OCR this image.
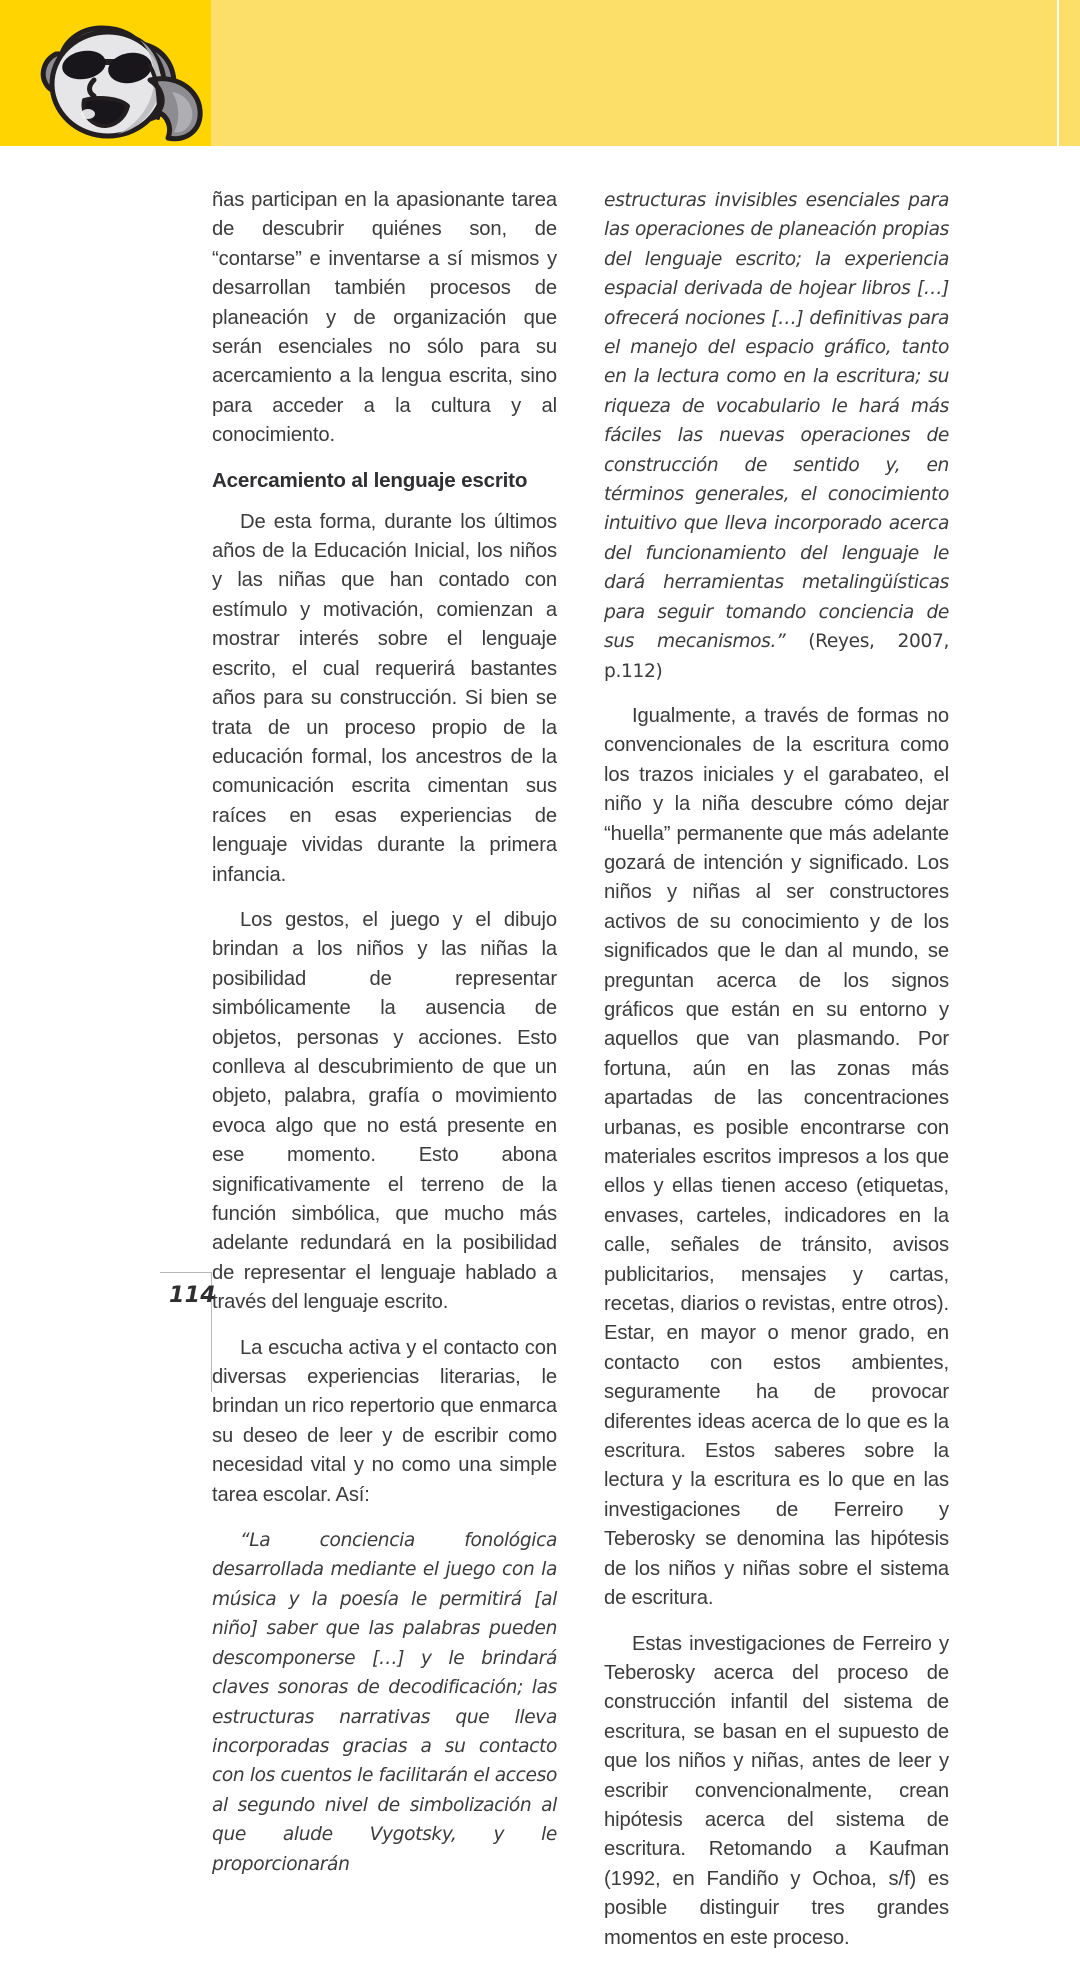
ñas participan en la apasionante tarea de descubrir quiénes son, de “contarse” e inventarse a sí mismos y desarrollan también procesos de planeación y de organización que serán esenciales no sólo para su acercamiento a la lengua escrita, sino para acceder a la cultura y al conocimiento.

Acercamiento al lenguaje escrito

De esta forma, durante los últimos años de la Educación Inicial, los niños y las niñas que han contado con estímulo y motivación, comienzan a mostrar interés sobre el lenguaje escrito, el cual requerirá bastantes años para su construcción. Si bien se trata de un proceso propio de la educación formal, los ancestros de la comunicación escrita cimentan sus raíces en esas experiencias de lenguaje vividas durante la primera infancia.

Los gestos, el juego y el dibujo brindan a los niños y las niñas la posibilidad de representar simbólicamente la ausencia de objetos, personas y acciones. Esto conlleva al descubrimiento de que un objeto, palabra, grafía o movimiento evoca algo que no está presente en ese momento. Esto abona significativamente el terreno de la función simbólica, que mucho más adelante redundará en la posibilidad de representar el lenguaje hablado a través del lenguaje escrito.

La escucha activa y el contacto con diversas experiencias literarias, le brindan un rico repertorio que enmarca su deseo de leer y de escribir como necesidad vital y no como una simple tarea escolar. Así:

“La conciencia fonológica desarrollada mediante el juego con la música y la poesía le permitirá [al niño] saber que las palabras pueden descomponerse […] y le brindará claves sonoras de decodificación; las estructuras narrativas que lleva incorporadas gracias a su contacto con los cuentos le facilitarán el acceso al segundo nivel de simbolización al que alude Vygotsky, y le proporcionarán

estructuras invisibles esenciales para las operaciones de planeación propias del lenguaje escrito; la experiencia espacial derivada de hojear libros […] ofrecerá nociones […] definitivas para el manejo del espacio gráfico, tanto en la lectura como en la escritura; su riqueza de vocabulario le hará más fáciles las nuevas operaciones de construcción de sentido y, en términos generales, el conocimiento intuitivo que lleva incorporado acerca del funcionamiento del lenguaje le dará herramientas metalingüísticas para seguir tomando conciencia de sus mecanismos.” (Reyes, 2007, p.112)

Igualmente, a través de formas no convencionales de la escritura como los trazos iniciales y el garabateo, el niño y la niña descubre cómo dejar “huella” permanente que más adelante gozará de intención y significado. Los niños y niñas al ser constructores activos de su conocimiento y de los significados que le dan al mundo, se preguntan acerca de los signos gráficos que están en su entorno y aquellos que van plasmando. Por fortuna, aún en las zonas más apartadas de las concentraciones urbanas, es posible encontrarse con materiales escritos impresos a los que ellos y ellas tienen acceso (etiquetas, envases, carteles, indicadores en la calle, señales de tránsito, avisos publicitarios, mensajes y cartas, recetas, diarios o revistas, entre otros). Estar, en mayor o menor grado, en contacto con estos ambientes, seguramente ha de provocar diferentes ideas acerca de lo que es la escritura. Estos saberes sobre la lectura y la escritura es lo que en las investigaciones de Ferreiro y Teberosky se denomina las hipótesis de los niños y niñas sobre el sistema de escritura.

Estas investigaciones de Ferreiro y Teberosky acerca del proceso de construcción infantil del sistema de escritura, se basan en el supuesto de que los niños y niñas, antes de leer y escribir convencionalmente, crean hipótesis acerca del sistema de escritura. Retomando a Kaufman (1992, en Fandiño y Ochoa, s/f) es posible distinguir tres grandes momentos en este proceso.

114
